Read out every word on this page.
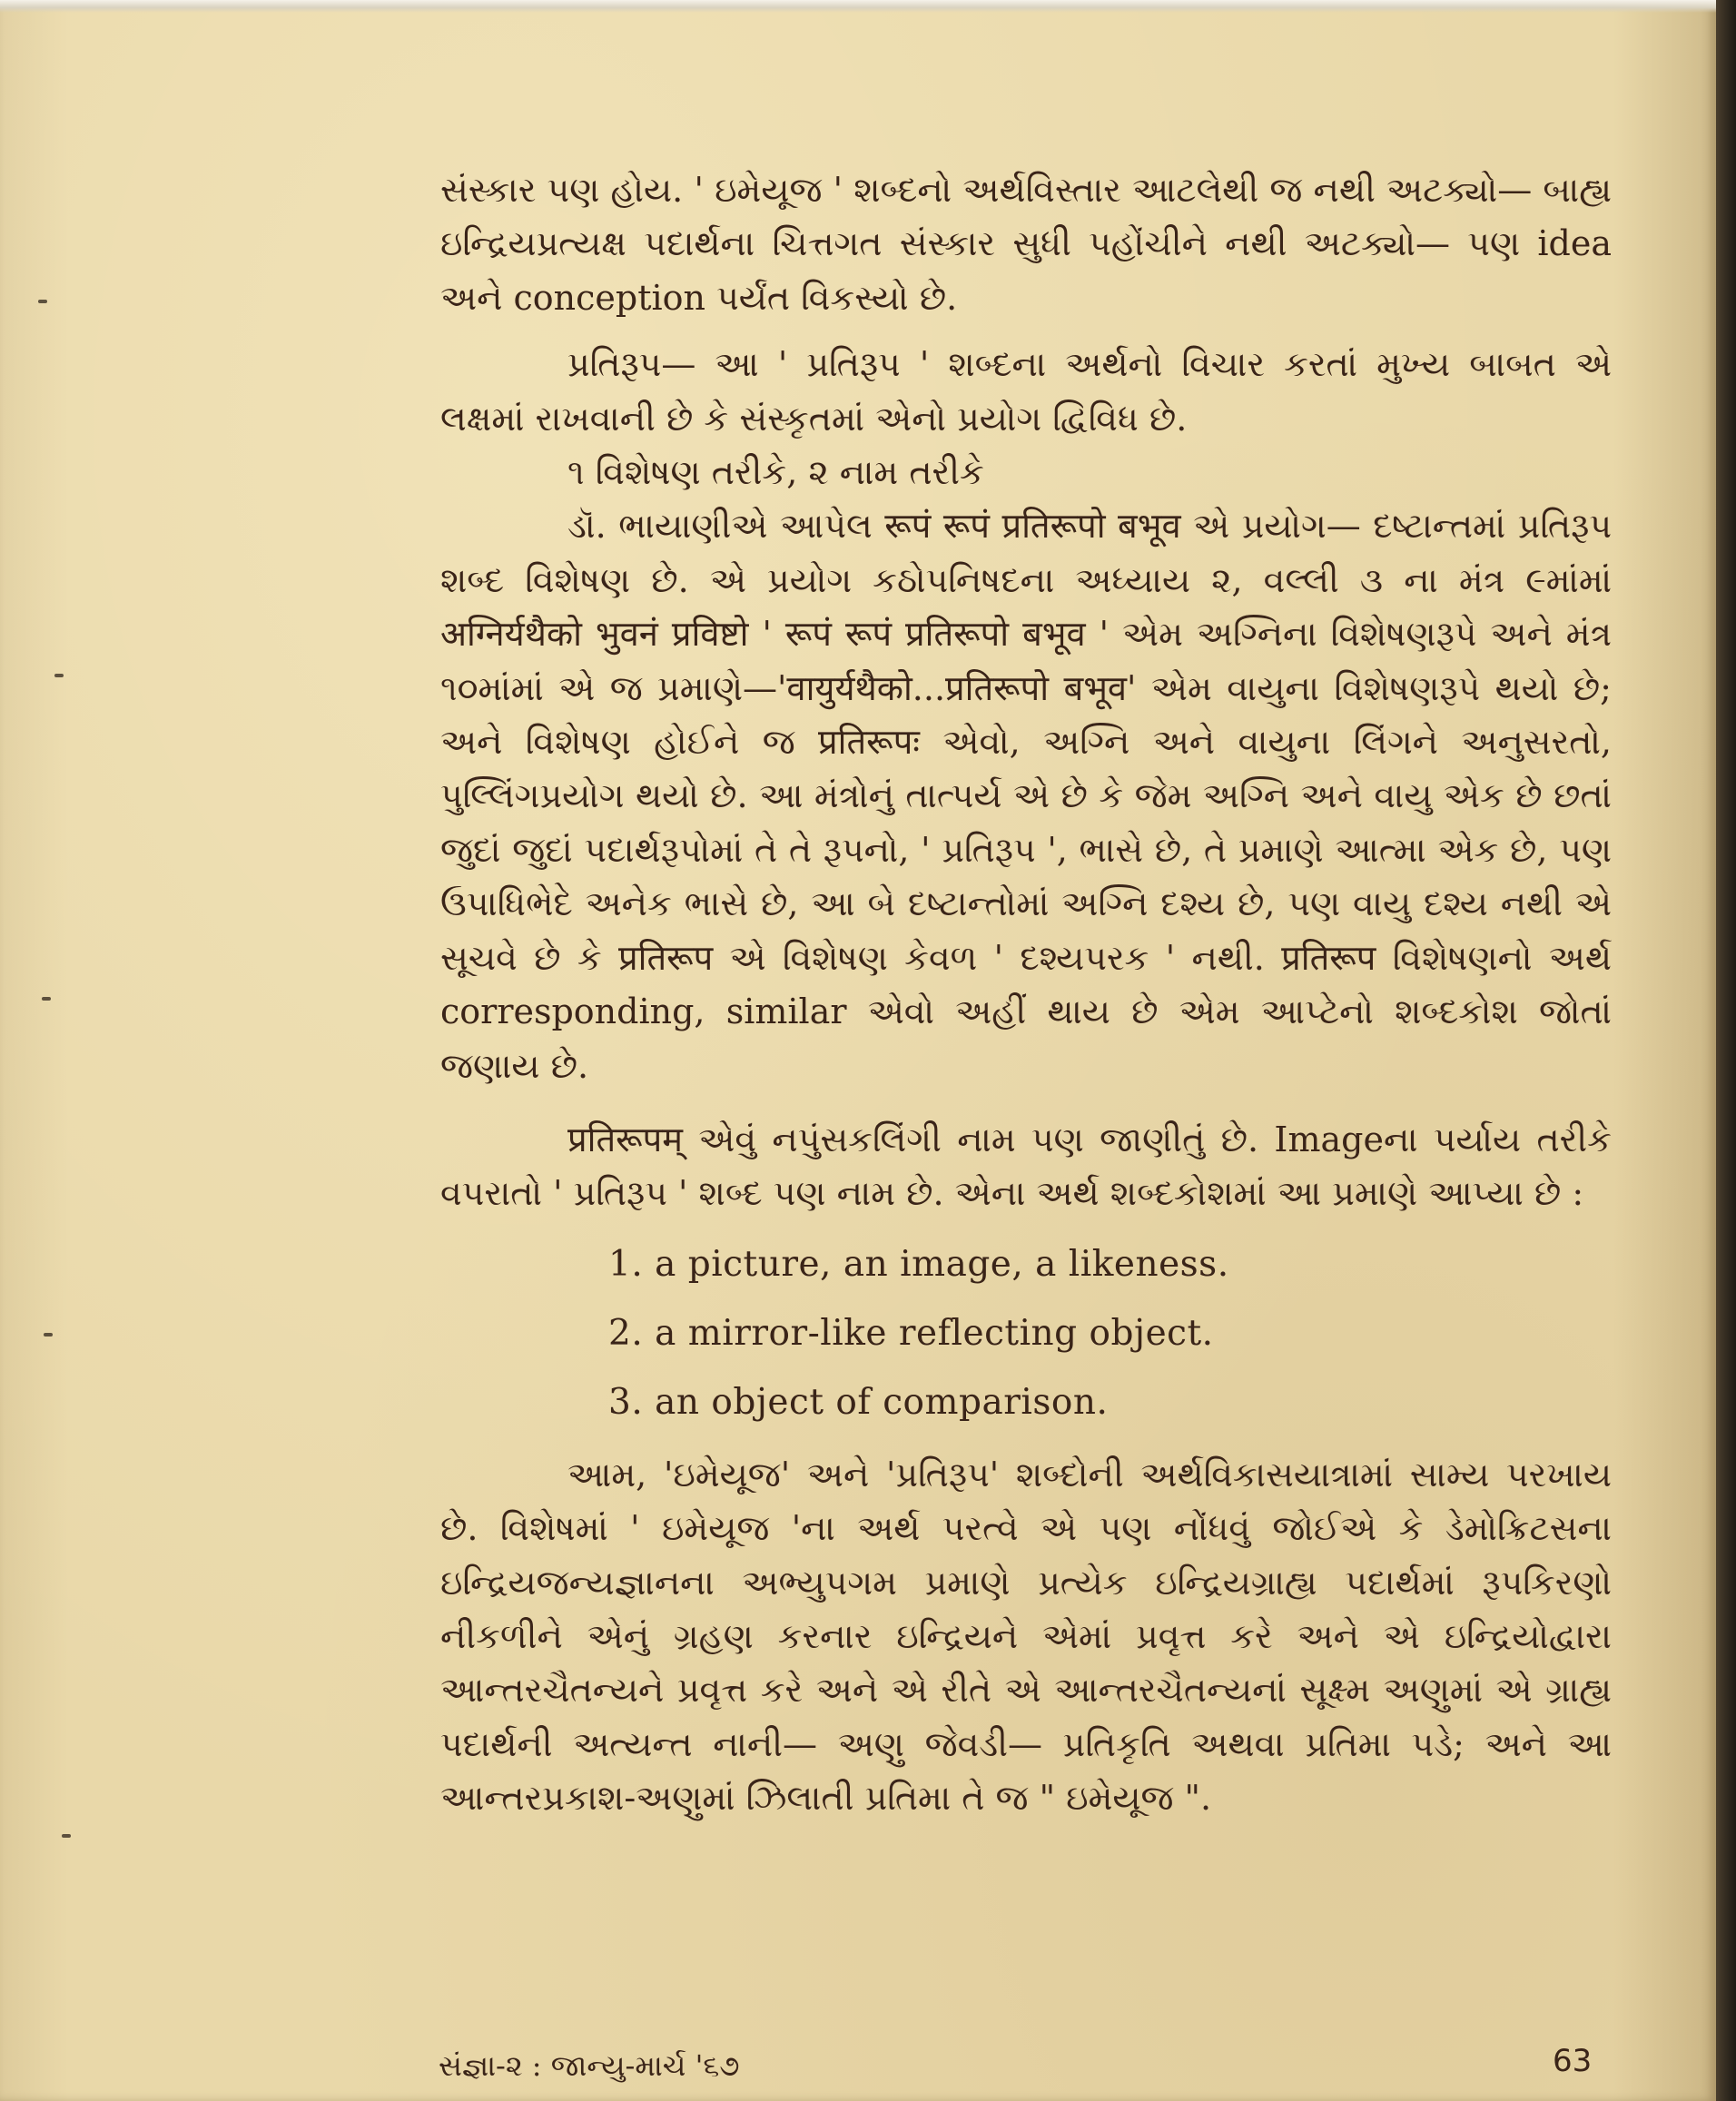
સંસ્કાર પણ હોય. ' ઇમેયૂજ ' શબ્દનો અર્થવિસ્તાર આટલેથી જ નથી અટક્યો— બાહ્ય ઇન્દ્રિયપ્રત્યક્ષ પદાર્થના ચિત્તગત સંસ્કાર સુધી પહોંચીને નથી અટક્યો— પણ idea અને conception પર્યંત વિકસ્યો છે.

પ્રતિરૂપ— આ ' પ્રતિરૂપ ' શબ્દના અર્થનો વિચાર કરતાં મુખ્ય બાબત એ લક્ષમાં રાખવાની છે કે સંસ્કૃતમાં એનો પ્રયોગ દ્વિવિધ છે.

૧ વિશેષણ તરીકે, ૨ નામ તરીકે

ડૉ. ભાયાણીએ આપેલ रूपं रूपं प्रतिरूपो बभूव એ પ્રયોગ— દષ્ટાન્તમાં પ્રતિરૂપ શબ્દ વિશેષણ છે. એ પ્રયોગ કઠોપનિષદના અધ્યાય ૨, વલ્લી ૩ ના મંત્ર ૯માંમાં अग्निर्यथैको भुवनं प्रविष्टो ' रूपं रूपं प्रतिरूपो बभूव ' એમ અગ્નિના વિશેષણરૂપે અને મંત્ર ૧૦માંમાં એ જ પ્રમાણે—'वायुर्यथैको...प्रतिरूपो बभूव' એમ વાયુના વિશેષણરૂપે થયો છે; અને વિશેષણ હોઈને જ प्रतिरूपः એવો, અગ્નિ અને વાયુના લિંગને અનુસરતો, પુલ્લિંગપ્રયોગ થયો છે. આ મંત્રોનું તાત્પર્ય એ છે કે જેમ અગ્નિ અને વાયુ એક છે છતાં જુદાં જુદાં પદાર્થરૂપોમાં તે તે રૂપનો, ' પ્રતિરૂપ ', ભાસે છે, તે પ્રમાણે આત્મા એક છે, પણ ઉપાધિભેદે અનેક ભાસે છે, આ બે દષ્ટાન્તોમાં અગ્નિ દશ્ય છે, પણ વાયુ દશ્ય નથી એ સૂચવે છે કે प्रतिरूप એ વિશેષણ કેવળ ' દશ્યપરક ' નથી. प्रतिरूप વિશેષણનો અર્થ corresponding, similar એવો અહીં થાય છે એમ આપ્ટેનો શબ્દકોશ જોતાં જણાય છે.

प्रतिरूपम् એવું નપુંસકલિંગી નામ પણ જાણીતું છે. Imageના પર્યાય તરીકે વપરાતો ' પ્રતિરૂપ ' શબ્દ પણ નામ છે. એના અર્થ શબ્દકોશમાં આ પ્રમાણે આપ્યા છે :

1. a picture, an image, a likeness.

2. a mirror-like reflecting object.

3. an object of comparison.

આમ, 'ઇમેયૂજ' અને 'પ્રતિરૂપ' શબ્દોની અર્થવિકાસયાત્રામાં સામ્ય પરખાય છે. વિશેષમાં ' ઇમેયૂજ 'ના અર્થ પરત્વે એ પણ નોંધવું જોઈએ કે ડેમોક્રિટસના ઇન્દ્રિયજન્યજ્ઞાનના અભ્યુપગમ પ્રમાણે પ્રત્યેક ઇન્દ્રિયગ્રાહ્ય પદાર્થમાં રૂપકિરણો નીકળીને એનું ગ્રહણ કરનાર ઇન્દ્રિયને એમાં પ્રવૃત્ત કરે અને એ ઇન્દ્રિયોદ્વારા આન્તરચૈતન્યને પ્રવૃત્ત કરે અને એ રીતે એ આન્તરચૈતન્યનાં સૂક્ષ્મ અણુમાં એ ગ્રાહ્ય પદાર્થની અત્યન્ત નાની— અણુ જેવડી— પ્રતિકૃતિ અથવા પ્રતિમા પડે; અને આ આન્તરપ્રકાશ-અણુમાં ઝિલાતી પ્રતિમા તે જ " ઇમેયૂજ ".

સંજ્ઞા-૨ : જાન્યુ-માર્ચ '૬૭	63
